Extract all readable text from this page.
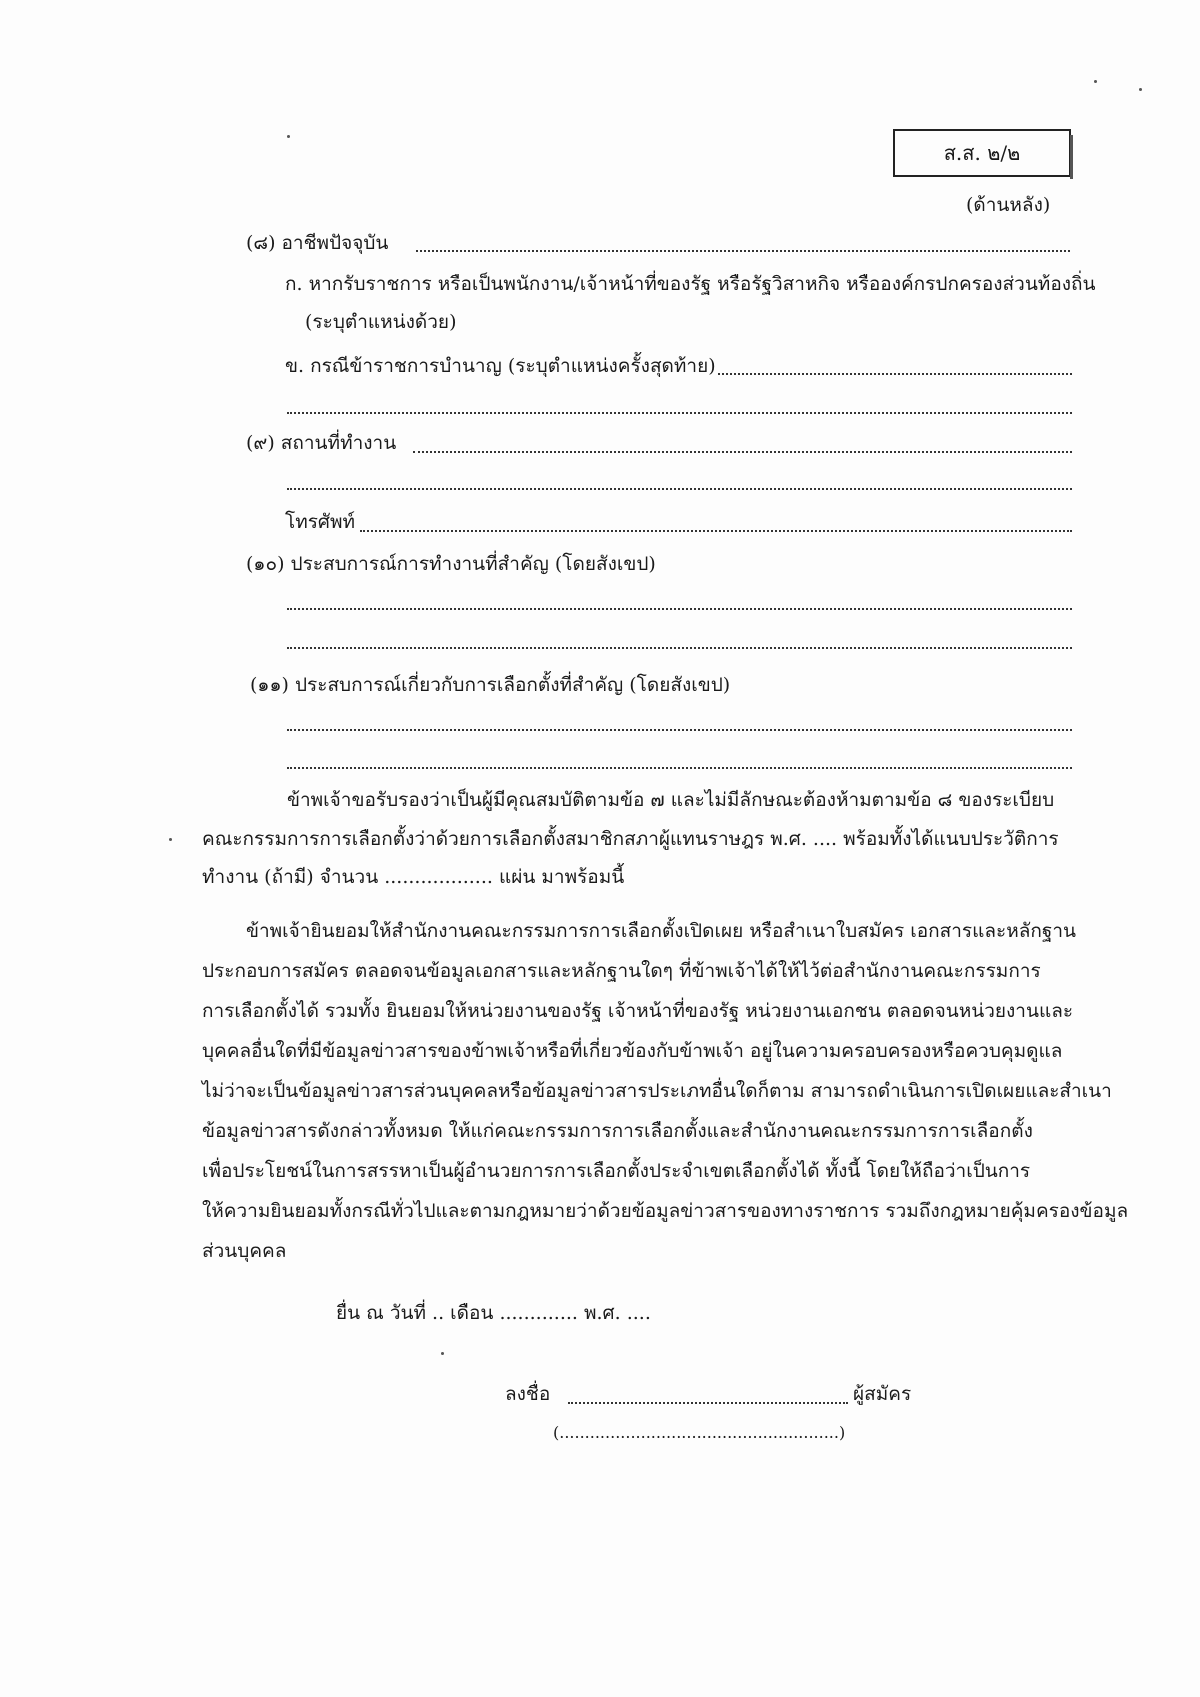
ส.ส. ๒/๒
(ด้านหลัง)
(๘) อาชีพปัจจุบัน
ก. หากรับราชการ หรือเป็นพนักงาน/เจ้าหน้าที่ของรัฐ หรือรัฐวิสาหกิจ หรือองค์กรปกครองส่วนท้องถิ่น
(ระบุตำแหน่งด้วย)
ข. กรณีข้าราชการบำนาญ (ระบุตำแหน่งครั้งสุดท้าย)
(๙) สถานที่ทำงาน
โทรศัพท์
(๑๐) ประสบการณ์การทำงานที่สำคัญ (โดยสังเขป)
(๑๑) ประสบการณ์เกี่ยวกับการเลือกตั้งที่สำคัญ (โดยสังเขป)
ข้าพเจ้าขอรับรองว่าเป็นผู้มีคุณสมบัติตามข้อ ๗ และไม่มีลักษณะต้องห้ามตามข้อ ๘ ของระเบียบ
คณะกรรมการการเลือกตั้งว่าด้วยการเลือกตั้งสมาชิกสภาผู้แทนราษฎร พ.ศ. .... พร้อมทั้งได้แนบประวัติการ
ทำงาน (ถ้ามี) จำนวน .................. แผ่น มาพร้อมนี้
ข้าพเจ้ายินยอมให้สำนักงานคณะกรรมการการเลือกตั้งเปิดเผย หรือสำเนาใบสมัคร เอกสารและหลักฐาน
ประกอบการสมัคร ตลอดจนข้อมูลเอกสารและหลักฐานใดๆ ที่ข้าพเจ้าได้ให้ไว้ต่อสำนักงานคณะกรรมการ
การเลือกตั้งได้ รวมทั้ง ยินยอมให้หน่วยงานของรัฐ เจ้าหน้าที่ของรัฐ หน่วยงานเอกชน ตลอดจนหน่วยงานและ
บุคคลอื่นใดที่มีข้อมูลข่าวสารของข้าพเจ้าหรือที่เกี่ยวข้องกับข้าพเจ้า อยู่ในความครอบครองหรือควบคุมดูแล
ไม่ว่าจะเป็นข้อมูลข่าวสารส่วนบุคคลหรือข้อมูลข่าวสารประเภทอื่นใดก็ตาม สามารถดำเนินการเปิดเผยและสำเนา
ข้อมูลข่าวสารดังกล่าวทั้งหมด ให้แก่คณะกรรมการการเลือกตั้งและสำนักงานคณะกรรมการการเลือกตั้ง
เพื่อประโยชน์ในการสรรหาเป็นผู้อำนวยการการเลือกตั้งประจำเขตเลือกตั้งได้ ทั้งนี้ โดยให้ถือว่าเป็นการ
ให้ความยินยอมทั้งกรณีทั่วไปและตามกฎหมายว่าด้วยข้อมูลข่าวสารของทางราชการ รวมถึงกฎหมายคุ้มครองข้อมูล
ส่วนบุคคล
ยื่น ณ วันที่ .. เดือน ............. พ.ศ. ....
ลงชื่อ	ผู้สมัคร
(.......................................................)
